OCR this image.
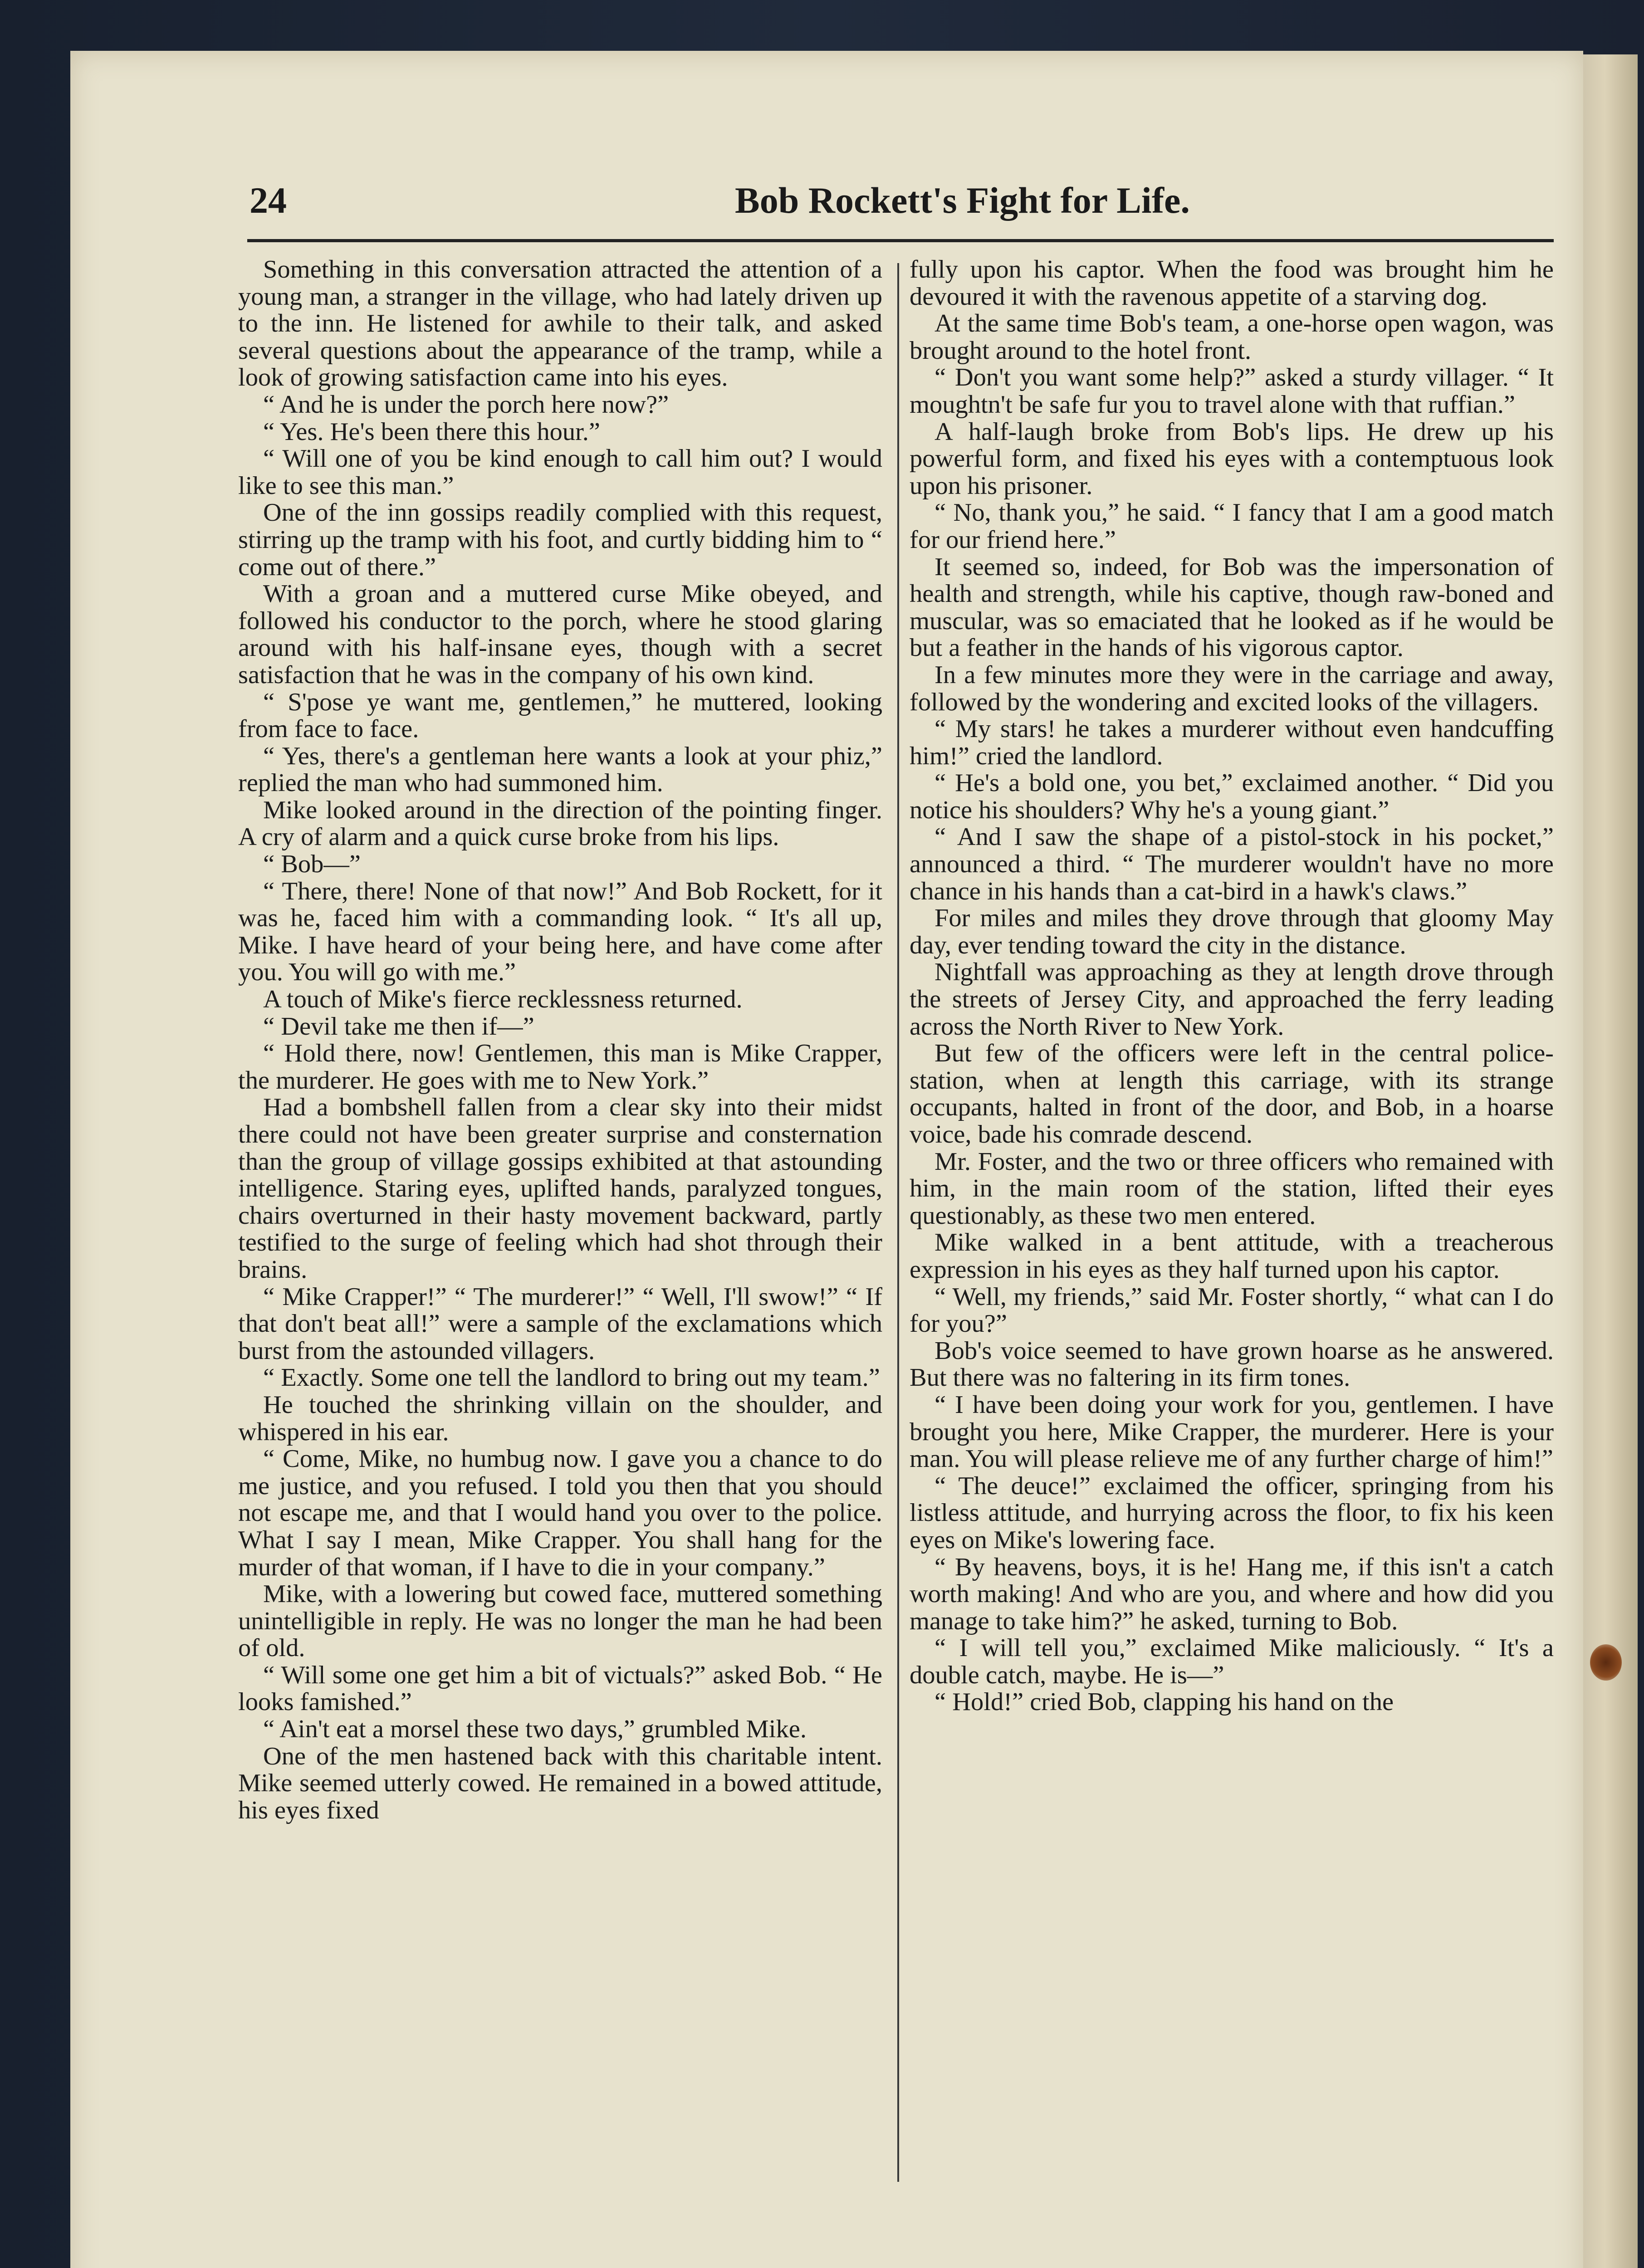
24	Bob Rockett's Fight for Life.

Something in this conversation attracted the attention of a young man, a stranger in the village, who had lately driven up to the inn. He listened for awhile to their talk, and asked several questions about the appearance of the tramp, while a look of growing satisfaction came into his eyes.

“ And he is under the porch here now?”

“ Yes. He's been there this hour.”

“ Will one of you be kind enough to call him out? I would like to see this man.”

One of the inn gossips readily complied with this request, stirring up the tramp with his foot, and curtly bidding him to “ come out of there.”

With a groan and a muttered curse Mike obeyed, and followed his conductor to the porch, where he stood glaring around with his half-insane eyes, though with a secret satisfaction that he was in the company of his own kind.

“ S'pose ye want me, gentlemen,” he muttered, looking from face to face.

“ Yes, there's a gentleman here wants a look at your phiz,” replied the man who had summoned him.

Mike looked around in the direction of the pointing finger. A cry of alarm and a quick curse broke from his lips.

“ Bob—”

“ There, there! None of that now!” And Bob Rockett, for it was he, faced him with a commanding look. “ It's all up, Mike. I have heard of your being here, and have come after you. You will go with me.”

A touch of Mike's fierce recklessness returned.

“ Devil take me then if—”

“ Hold there, now! Gentlemen, this man is Mike Crapper, the murderer. He goes with me to New York.”

Had a bombshell fallen from a clear sky into their midst there could not have been greater surprise and consternation than the group of village gossips exhibited at that astounding intelligence. Staring eyes, uplifted hands, paralyzed tongues, chairs overturned in their hasty movement backward, partly testified to the surge of feeling which had shot through their brains.

“ Mike Crapper!” “ The murderer!” “ Well, I'll swow!” “ If that don't beat all!” were a sample of the exclamations which burst from the astounded villagers.

“ Exactly. Some one tell the landlord to bring out my team.”

He touched the shrinking villain on the shoulder, and whispered in his ear.

“ Come, Mike, no humbug now. I gave you a chance to do me justice, and you refused. I told you then that you should not escape me, and that I would hand you over to the police. What I say I mean, Mike Crapper. You shall hang for the murder of that woman, if I have to die in your company.”

Mike, with a lowering but cowed face, muttered something unintelligible in reply. He was no longer the man he had been of old.

“ Will some one get him a bit of victuals?” asked Bob. “ He looks famished.”

“ Ain't eat a morsel these two days,” grumbled Mike.

One of the men hastened back with this charitable intent. Mike seemed utterly cowed. He remained in a bowed attitude, his eyes fixed

fully upon his captor. When the food was brought him he devoured it with the ravenous appetite of a starving dog.

At the same time Bob's team, a one-horse open wagon, was brought around to the hotel front.

“ Don't you want some help?” asked a sturdy villager. “ It moughtn't be safe fur you to travel alone with that ruffian.”

A half-laugh broke from Bob's lips. He drew up his powerful form, and fixed his eyes with a contemptuous look upon his prisoner.

“ No, thank you,” he said. “ I fancy that I am a good match for our friend here.”

It seemed so, indeed, for Bob was the impersonation of health and strength, while his captive, though raw-boned and muscular, was so emaciated that he looked as if he would be but a feather in the hands of his vigorous captor.

In a few minutes more they were in the carriage and away, followed by the wondering and excited looks of the villagers.

“ My stars! he takes a murderer without even handcuffing him!” cried the landlord.

“ He's a bold one, you bet,” exclaimed another. “ Did you notice his shoulders? Why he's a young giant.”

“ And I saw the shape of a pistol-stock in his pocket,” announced a third. “ The murderer wouldn't have no more chance in his hands than a cat-bird in a hawk's claws.”

For miles and miles they drove through that gloomy May day, ever tending toward the city in the distance.

Nightfall was approaching as they at length drove through the streets of Jersey City, and approached the ferry leading across the North River to New York.

But few of the officers were left in the central police-station, when at length this carriage, with its strange occupants, halted in front of the door, and Bob, in a hoarse voice, bade his comrade descend.

Mr. Foster, and the two or three officers who remained with him, in the main room of the station, lifted their eyes questionably, as these two men entered.

Mike walked in a bent attitude, with a treacherous expression in his eyes as they half turned upon his captor.

“ Well, my friends,” said Mr. Foster shortly, “ what can I do for you?”

Bob's voice seemed to have grown hoarse as he answered. But there was no faltering in its firm tones.

“ I have been doing your work for you, gentlemen. I have brought you here, Mike Crapper, the murderer. Here is your man. You will please relieve me of any further charge of him!”

“ The deuce!” exclaimed the officer, springing from his listless attitude, and hurrying across the floor, to fix his keen eyes on Mike's lowering face.

“ By heavens, boys, it is he! Hang me, if this isn't a catch worth making! And who are you, and where and how did you manage to take him?” he asked, turning to Bob.

“ I will tell you,” exclaimed Mike maliciously. “ It's a double catch, maybe. He is—”

“ Hold!” cried Bob, clapping his hand on the
